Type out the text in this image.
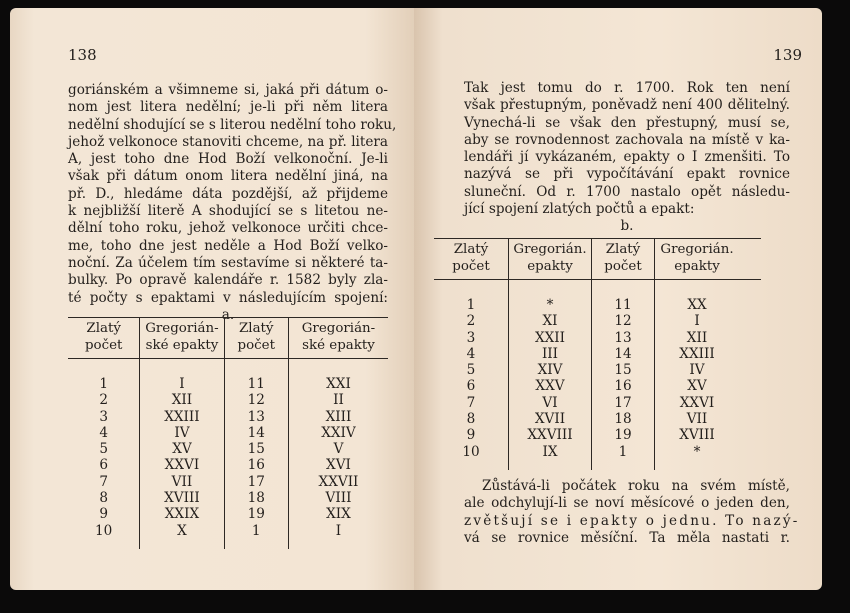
138
goriánském a všimneme si, jaká při dátum o-
nom jest litera nedělní; je-li při něm litera
nedělní shodující se s literou nedělní toho roku,
jehož velkonoce stanoviti chceme, na př. litera
A, jest toho dne Hod Boží velkonoční. Je-li
však při dátum onom litera nedělní jiná, na
př. D., hledáme dáta pozdější, až přijdeme
k nejbližší literě A shodující se s litetou ne-
dělní toho roku, jehož velkonoce určiti chce-
me, toho dne jest neděle a Hod Boží velko-
noční. Za účelem tím sestavíme si některé ta-
bulky. Po opravě kalendáře r. 1582 byly zla-
té počty s epaktami v následujícím spojení:
a.
Zlatý
počet
Gregorián-
ské epakty
Zlatý
počet
Gregorián-
ské epakty
1
2
3
4
5
6
7
8
9
10
I
XII
XXIII
IV
XV
XXVI
VII
XVIII
XXIX
X
11
12
13
14
15
16
17
18
19
1
XXI
II
XIII
XXIV
V
XVI
XXVII
VIII
XIX
I
139
Tak jest tomu do r. 1700. Rok ten není
však přestupným, poněvadž není 400 dělitelný.
Vynechá-li se však den přestupný, musí se,
aby se rovnodennost zachovala na místě v ka-
lendáři jí vykázaném, epakty o I zmenšiti. To
nazývá se při vypočítávání epakt rovnice
sluneční. Od r. 1700 nastalo opět následu-
jící spojení zlatých počtů a epakt:
b.
Zlatý
počet
Gregorián.
epakty
Zlatý
počet
Gregorián.
epakty
1
2
3
4
5
6
7
8
9
10
*
XI
XXII
III
XIV
XXV
VI
XVII
XXVIII
IX
11
12
13
14
15
16
17
18
19
1
XX
I
XII
XXIII
IV
XV
XXVI
VII
XVIII
*
Zůstává-li počátek roku na svém místě,
ale odchylují-li se noví měsícové o jeden den,
zvětšují se i epakty o jednu. To nazý-
vá se rovnice měsíční. Ta měla nastati r.
